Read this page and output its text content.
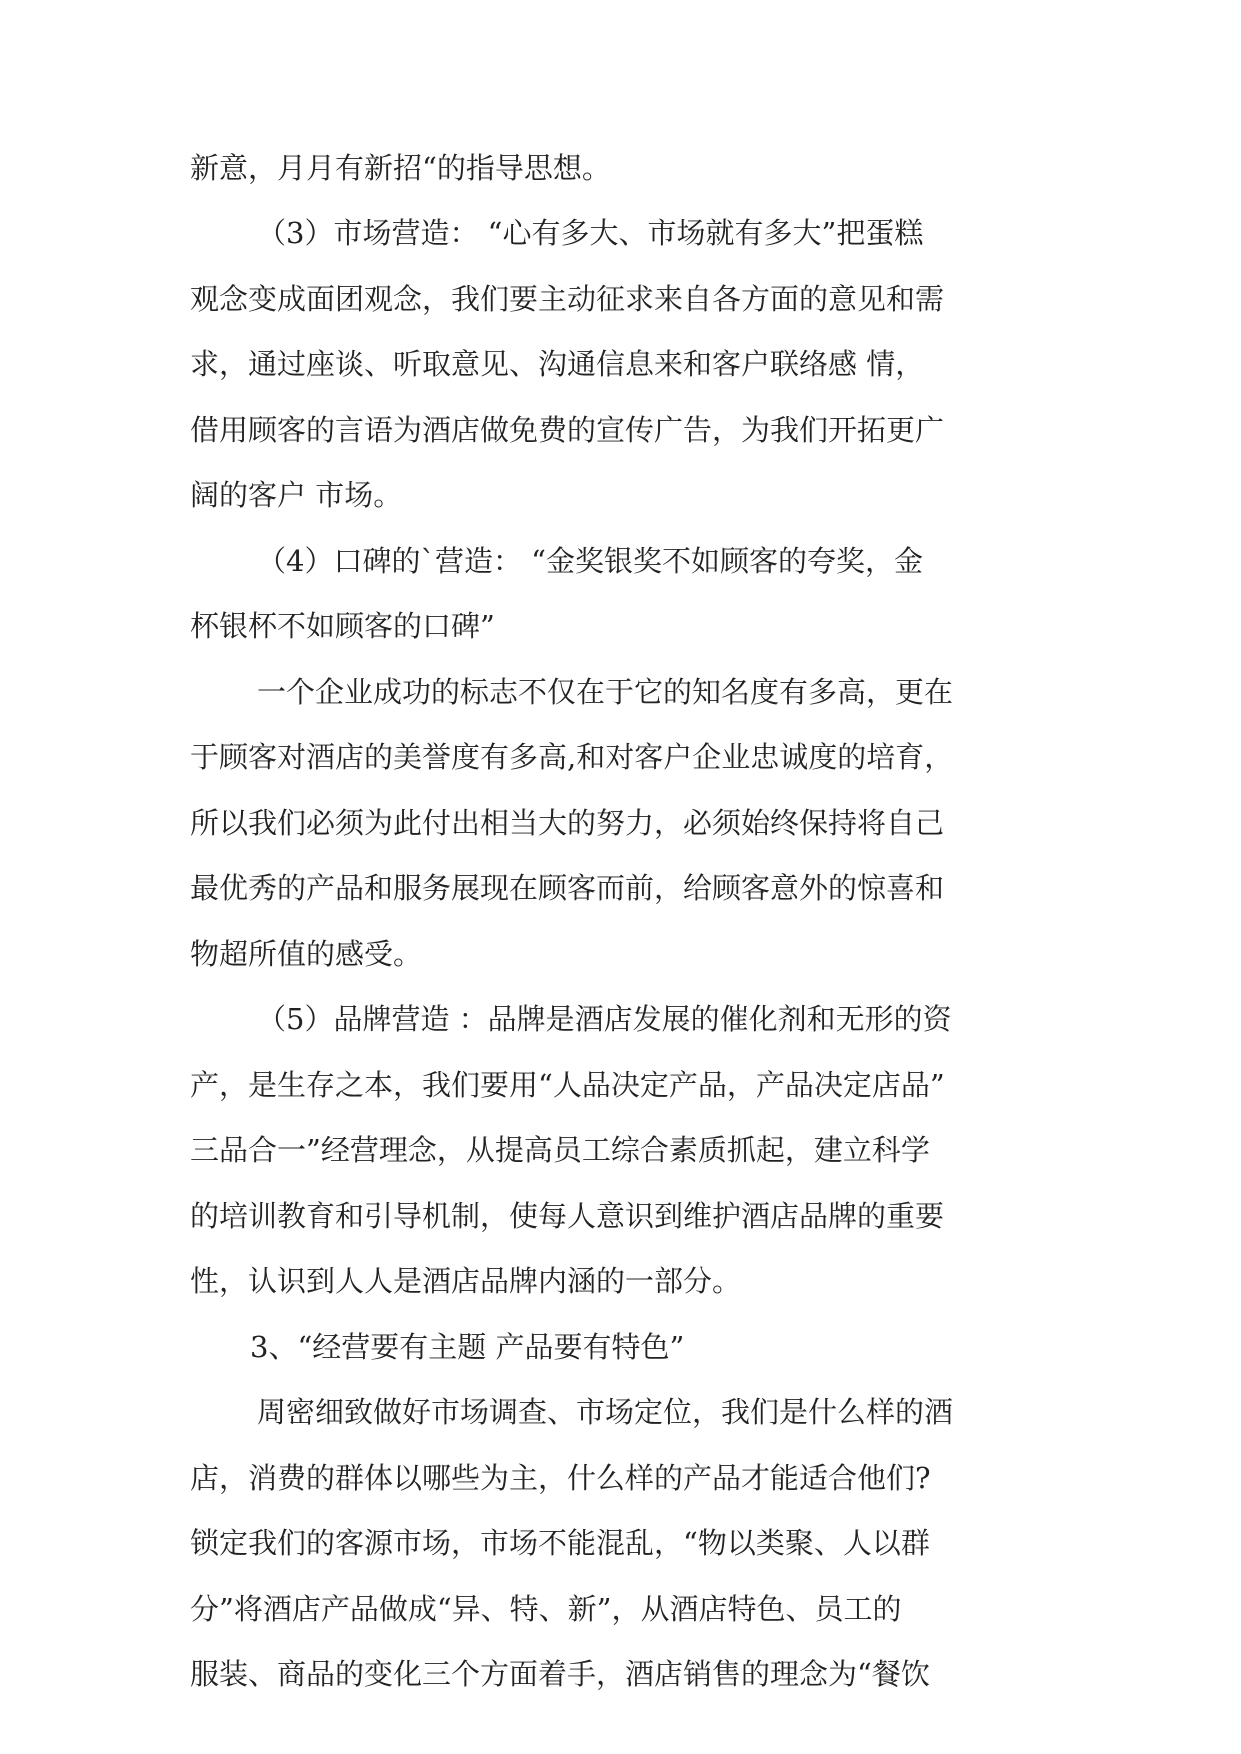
新意，月月有新招“的指导思想。
（3）市场营造： “心有多大、市场就有多大”把蛋糕
观念变成面团观念，我们要主动征求来自各方面的意见和需
求，通过座谈、听取意见、沟通信息来和客户联络感 情，
借用顾客的言语为酒店做免费的宣传广告，为我们开拓更广
阔的客户 市场。
（4）口碑的`营造： “金奖银奖不如顾客的夸奖，金
杯银杯不如顾客的口碑”
一个企业成功的标志不仅在于它的知名度有多高，更在
于顾客对酒店的美誉度有多高,和对客户企业忠诚度的培育，
所以我们必须为此付出相当大的努力，必须始终保持将自己
最优秀的产品和服务展现在顾客而前，给顾客意外的惊喜和
物超所值的感受。
（5）品牌营造 ：品牌是酒店发展的催化剂和无形的资
产，是生存之本，我们要用“人品决定产品，产品决定店品”
三品合一”经营理念，从提高员工综合素质抓起，建立科学
的培训教育和引导机制，使每人意识到维护酒店品牌的重要
性，认识到人人是酒店品牌内涵的一部分。
3、“经营要有主题 产品要有特色”
周密细致做好市场调查、市场定位，我们是什么样的酒
店，消费的群体以哪些为主，什么样的产品才能适合他们?
锁定我们的客源市场，市场不能混乱，“物以类聚、人以群
分”将酒店产品做成“异、特、新”，从酒店特色、员工的
服装、商品的变化三个方面着手，酒店销售的理念为“餐饮
